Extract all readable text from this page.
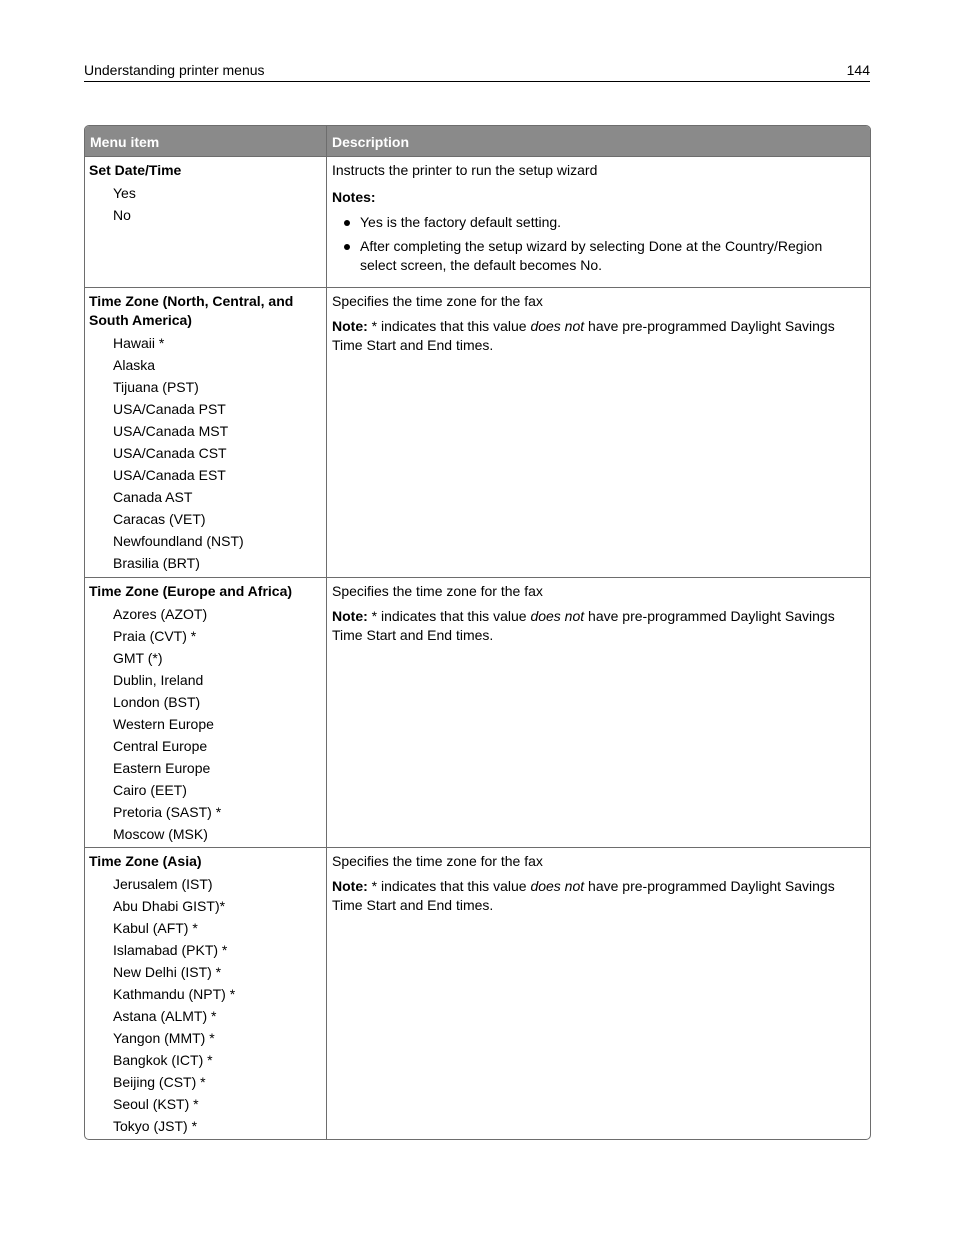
Understanding printer menus	144
Menu item	Description
Set Date/Time
Yes
No
Instructs the printer to run the setup wizard
Notes:
Yes is the factory default setting.
After completing the setup wizard by selecting Done at the Country/Region select screen, the default becomes No.
Time Zone (North, Central, and South America)
Hawaii *
Alaska
Tijuana (PST)
USA/Canada PST
USA/Canada MST
USA/Canada CST
USA/Canada EST
Canada AST
Caracas (VET)
Newfoundland (NST)
Brasilia (BRT)
Specifies the time zone for the fax
Note: * indicates that this value does not have pre-programmed Daylight Savings Time Start and End times.
Time Zone (Europe and Africa)
Azores (AZOT)
Praia (CVT) *
GMT (*)
Dublin, Ireland
London (BST)
Western Europe
Central Europe
Eastern Europe
Cairo (EET)
Pretoria (SAST) *
Moscow (MSK)
Specifies the time zone for the fax
Note: * indicates that this value does not have pre-programmed Daylight Savings Time Start and End times.
Time Zone (Asia)
Jerusalem (IST)
Abu Dhabi GIST)*
Kabul (AFT) *
Islamabad (PKT) *
New Delhi (IST) *
Kathmandu (NPT) *
Astana (ALMT) *
Yangon (MMT) *
Bangkok (ICT) *
Beijing (CST) *
Seoul (KST) *
Tokyo (JST) *
Specifies the time zone for the fax
Note: * indicates that this value does not have pre-programmed Daylight Savings Time Start and End times.
